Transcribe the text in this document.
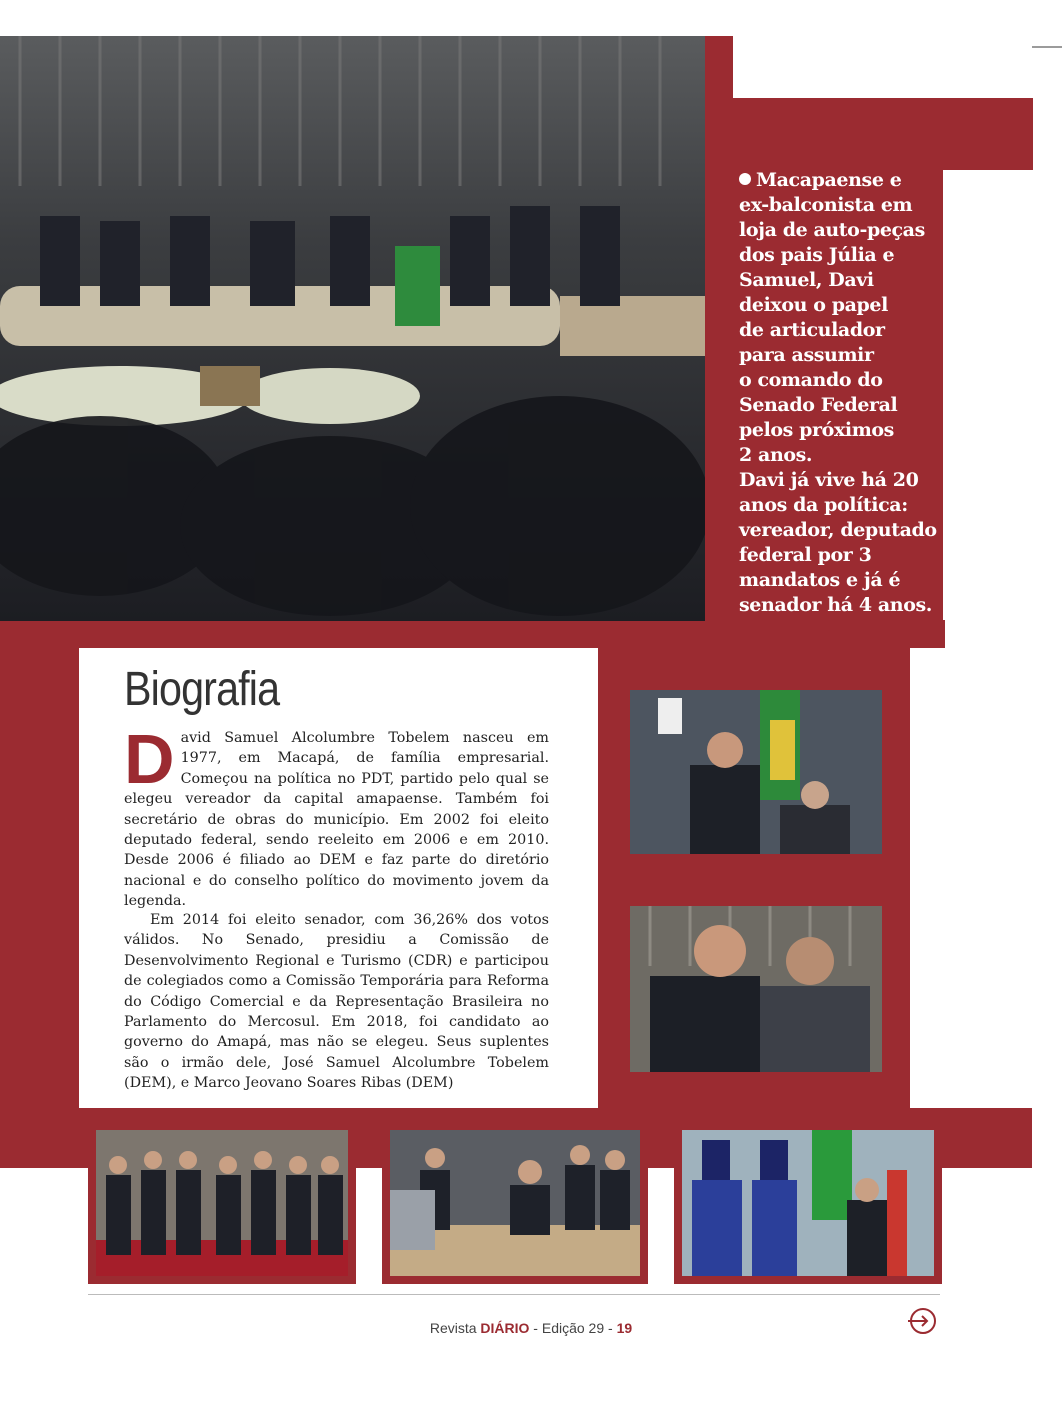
Macapaense e
ex-balconista em
loja de auto-peças
dos pais Júlia e
Samuel, Davi
deixou o papel
de articulador
para assumir
o comando do
Senado Federal
pelos próximos
2 anos.
Davi já vive há 20
anos da política:
vereador, deputado
federal por 3
mandatos e já é
senador há 4 anos.
Biografia

David Samuel Alcolumbre Tobelem nasceu em 1977, em Macapá, de família empresarial. Começou na política no PDT, partido pelo qual se elegeu vereador da capital amapaense. Também foi secretário de obras do município. Em 2002 foi eleito deputado federal, sendo reeleito em 2006 e em 2010. Desde 2006 é filiado ao DEM e faz parte do diretório nacional e do conselho político do movimento jovem da legenda.

Em 2014 foi eleito senador, com 36,26% dos votos válidos. No Senado, presidiu a Comissão de Desenvolvimento Regional e Turismo (CDR) e participou de colegiados como a Comissão Temporária para Reforma do Código Comercial e da Representação Brasileira no Parlamento do Mercosul. Em 2018, foi candidato ao governo do Amapá, mas não se elegeu. Seus suplentes são o irmão dele, José Samuel Alcolumbre Tobelem (DEM), e Marco Jeovano Soares Ribas (DEM)

Revista DIÁRIO - Edição 29 - 19
